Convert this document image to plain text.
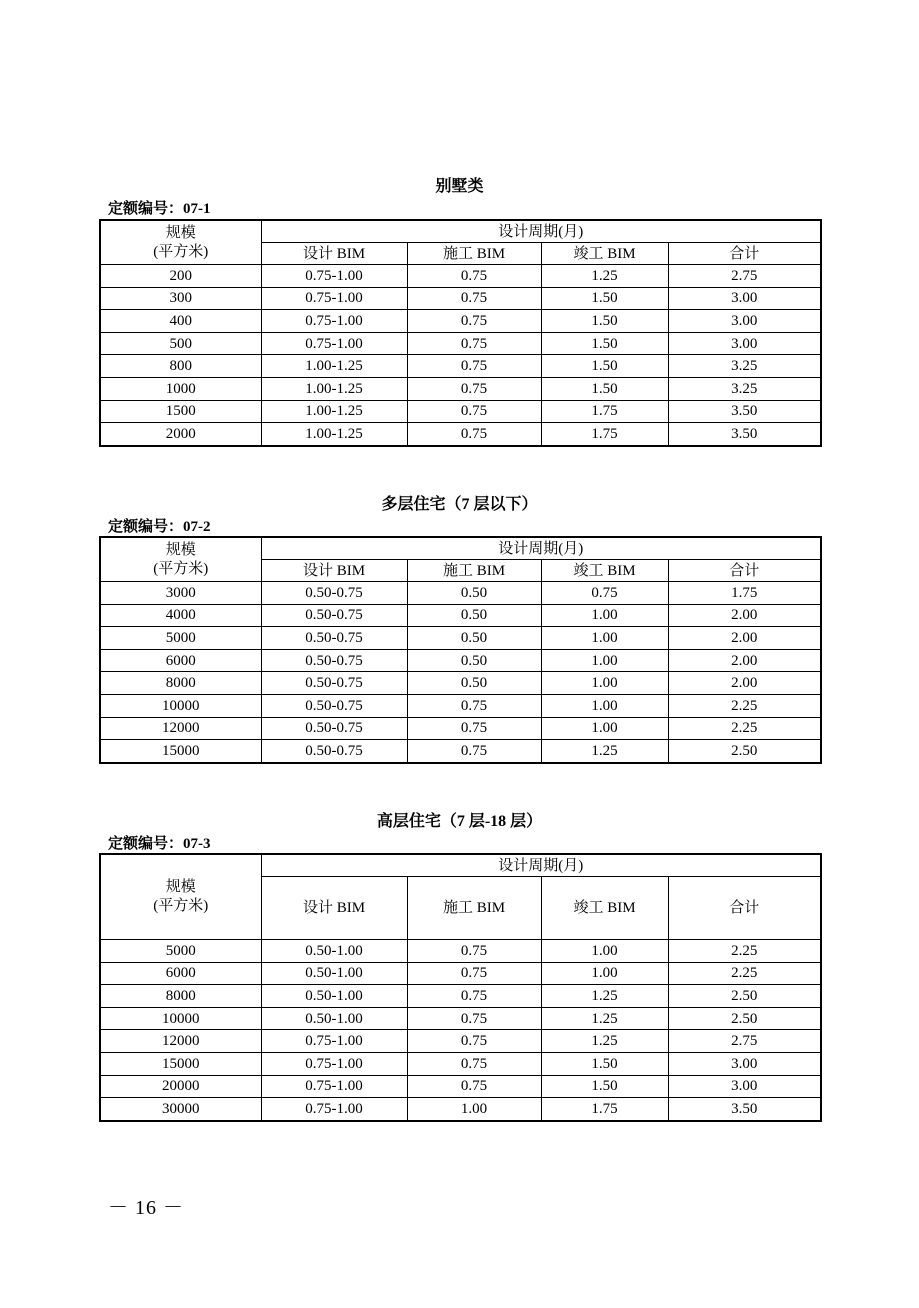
别墅类
定额编号：07-1
规模
(平方米)	设计周期(月)			
	设计 BIM	施工 BIM	竣工 BIM	合计
200	0.75-1.00	0.75	1.25	2.75
300	0.75-1.00	0.75	1.50	3.00
400	0.75-1.00	0.75	1.50	3.00
500	0.75-1.00	0.75	1.50	3.00
800	1.00-1.25	0.75	1.50	3.25
1000	1.00-1.25	0.75	1.50	3.25
1500	1.00-1.25	0.75	1.75	3.50
2000	1.00-1.25	0.75	1.75	3.50
多层住宅（7 层以下）
定额编号：07-2
规模
(平方米)	设计周期(月)			
	设计 BIM	施工 BIM	竣工 BIM	合计
3000	0.50-0.75	0.50	0.75	1.75
4000	0.50-0.75	0.50	1.00	2.00
5000	0.50-0.75	0.50	1.00	2.00
6000	0.50-0.75	0.50	1.00	2.00
8000	0.50-0.75	0.50	1.00	2.00
10000	0.50-0.75	0.75	1.00	2.25
12000	0.50-0.75	0.75	1.00	2.25
15000	0.50-0.75	0.75	1.25	2.50
高层住宅（7 层-18 层）
定额编号：07-3
规模
(平方米)	设计周期(月)			
	设计 BIM	施工 BIM	竣工 BIM	合计
5000	0.50-1.00	0.75	1.00	2.25
6000	0.50-1.00	0.75	1.00	2.25
8000	0.50-1.00	0.75	1.25	2.50
10000	0.50-1.00	0.75	1.25	2.50
12000	0.75-1.00	0.75	1.25	2.75
15000	0.75-1.00	0.75	1.50	3.00
20000	0.75-1.00	0.75	1.50	3.00
30000	0.75-1.00	1.00	1.75	3.50
－ 16 －
